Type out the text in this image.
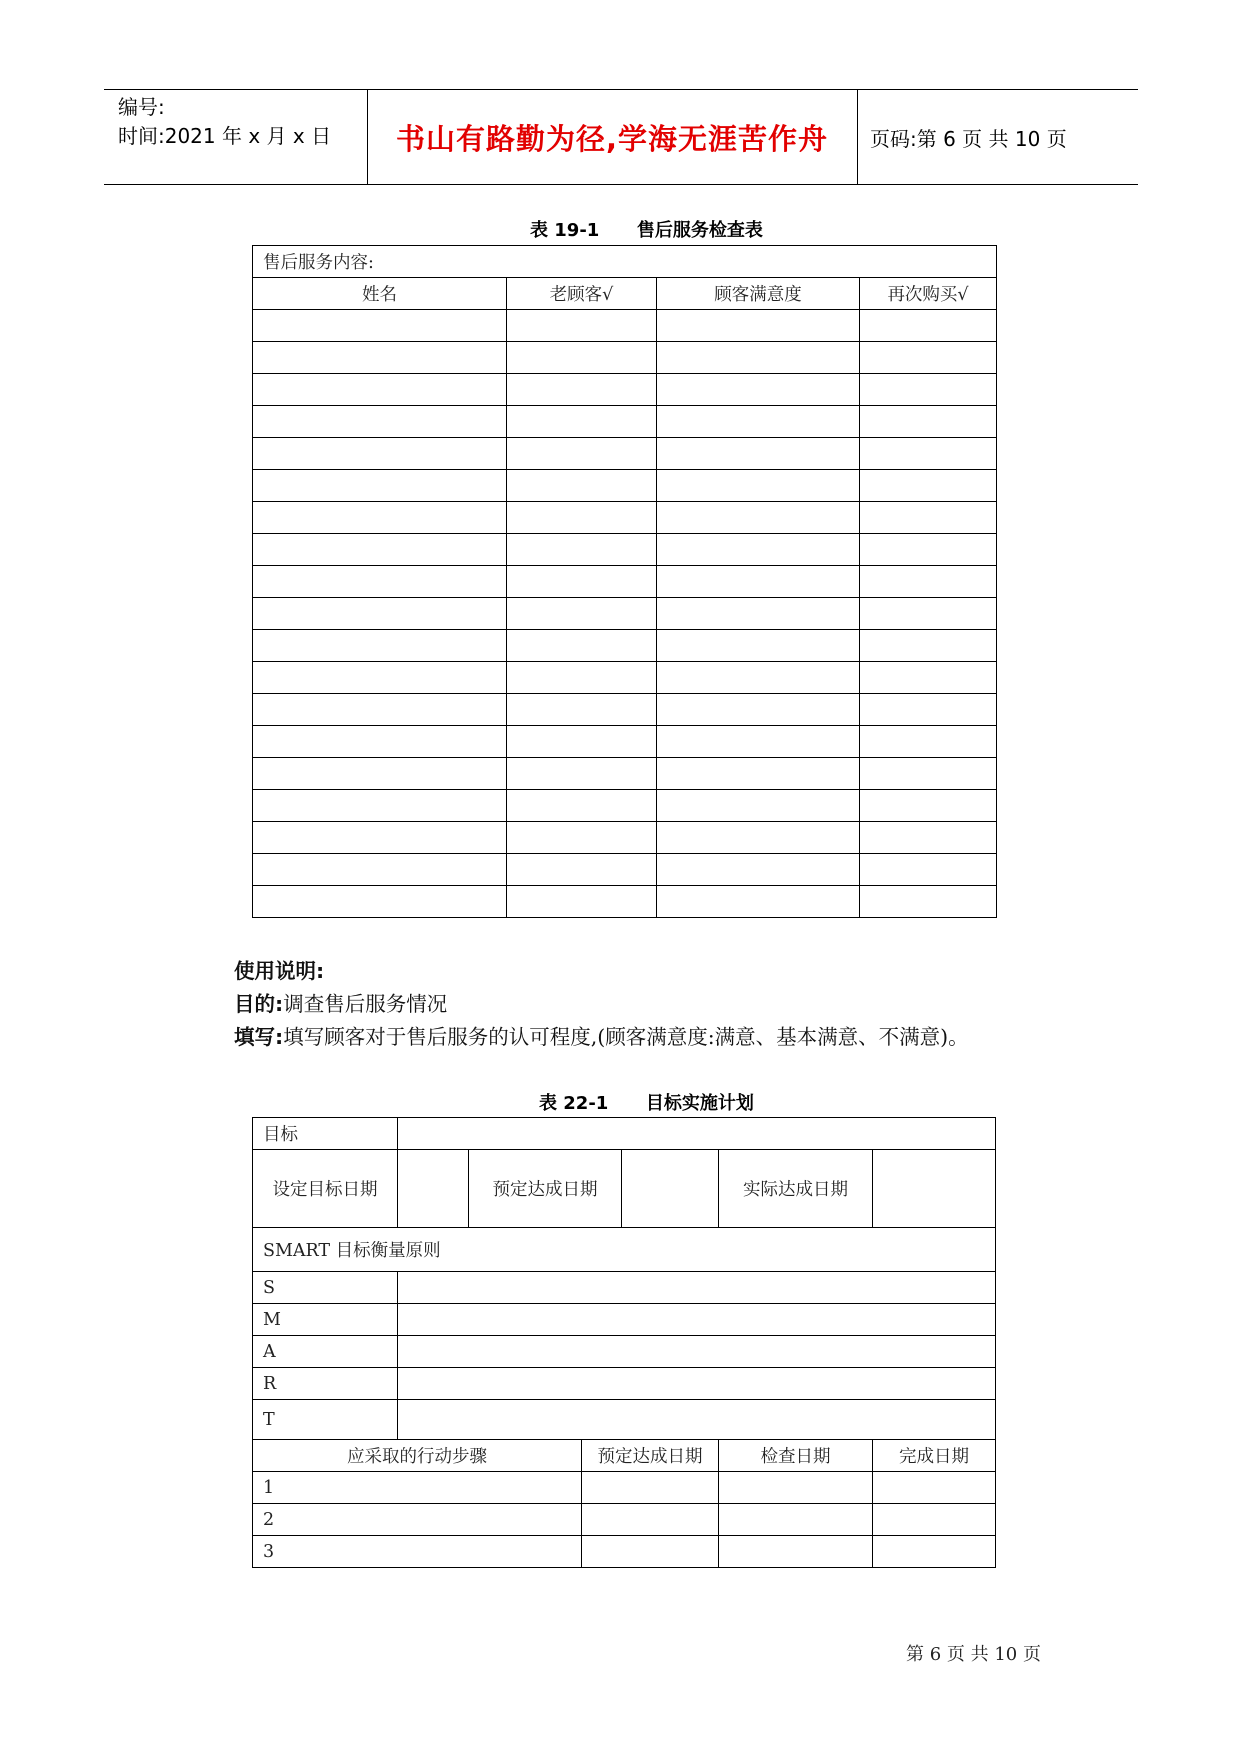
编号:
时间:2021 年 x 月 x 日	书山有路勤为径,学海无涯苦作舟	页码:第 6 页 共 10 页
表 19-1      售后服务检查表
售后服务内容:			
姓名	老顾客√	顾客满意度	再次购买√

使用说明:
目的:调查售后服务情况
填写:填写顾客对于售后服务的认可程度,(顾客满意度:满意、基本满意、不满意)。
表 22-1      目标实施计划
目标						
设定目标日期		预定达成日期			实际达成日期	
SMART 目标衡量原则						
S						
M						
A						
R						
T						
应采取的行动步骤			预定达成日期		检查日期	完成日期
1						
2						
3						
第 6 页 共 10 页
